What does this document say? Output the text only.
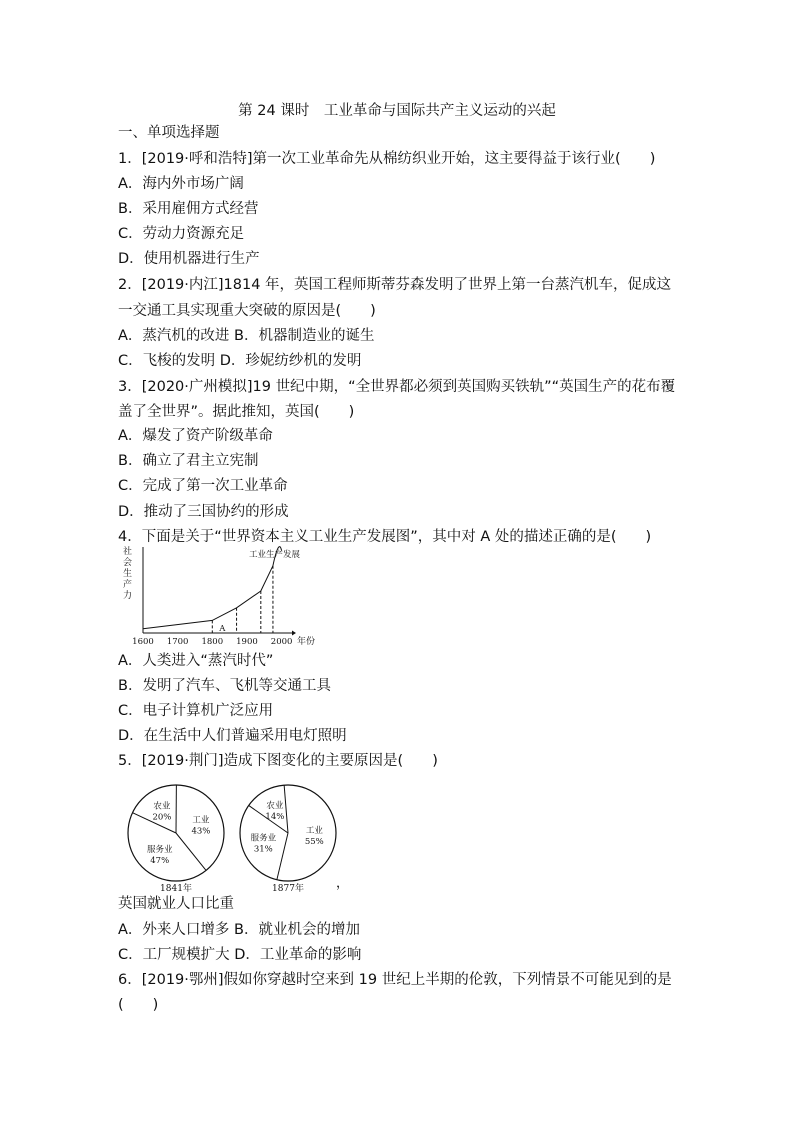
第 24 课时　工业革命与国际共产主义运动的兴起
一、单项选择题
1．[2019·呼和浩特]第一次工业革命先从棉纺织业开始，这主要得益于该行业(　　)
A．海内外市场广阔
B．采用雇佣方式经营
C．劳动力资源充足
D．使用机器进行生产
2．[2019·内江]1814 年，英国工程师斯蒂芬森发明了世界上第一台蒸汽机车，促成这
一交通工具实现重大突破的原因是(　　)
A．蒸汽机的改进 B．机器制造业的诞生
C．飞梭的发明 D．珍妮纺纱机的发明
3．[2020·广州模拟]19 世纪中期，“全世界都必须到英国购买铁轨”“英国生产的花布覆
盖了全世界”。据此推知，英国(　　)
A．爆发了资产阶级革命
B．确立了君主立宪制
C．完成了第一次工业革命
D．推动了三国协约的形成
4．下面是关于“世界资本主义工业生产发展图”，其中对 A 处的描述正确的是(　　)
社
会
生
产
力
工业生产发展
年份
1600 1700 1800 1900 2000
A
A．人类进入“蒸汽时代”
B．发明了汽车、飞机等交通工具
C．电子计算机广泛应用
D．在生活中人们普遍采用电灯照明
5．[2019·荆门]造成下图变化的主要原因是(　　)
农业
20% 工业
43%
服务业
47%
农业
14%
工业
55%
服务业
31%
1841年	1877年 ，
英国就业人口比重
A．外来人口增多 B．就业机会的增加
C．工厂规模扩大 D．工业革命的影响
6．[2019·鄂州]假如你穿越时空来到 19 世纪上半期的伦敦，下列情景不可能见到的是
(　　)
